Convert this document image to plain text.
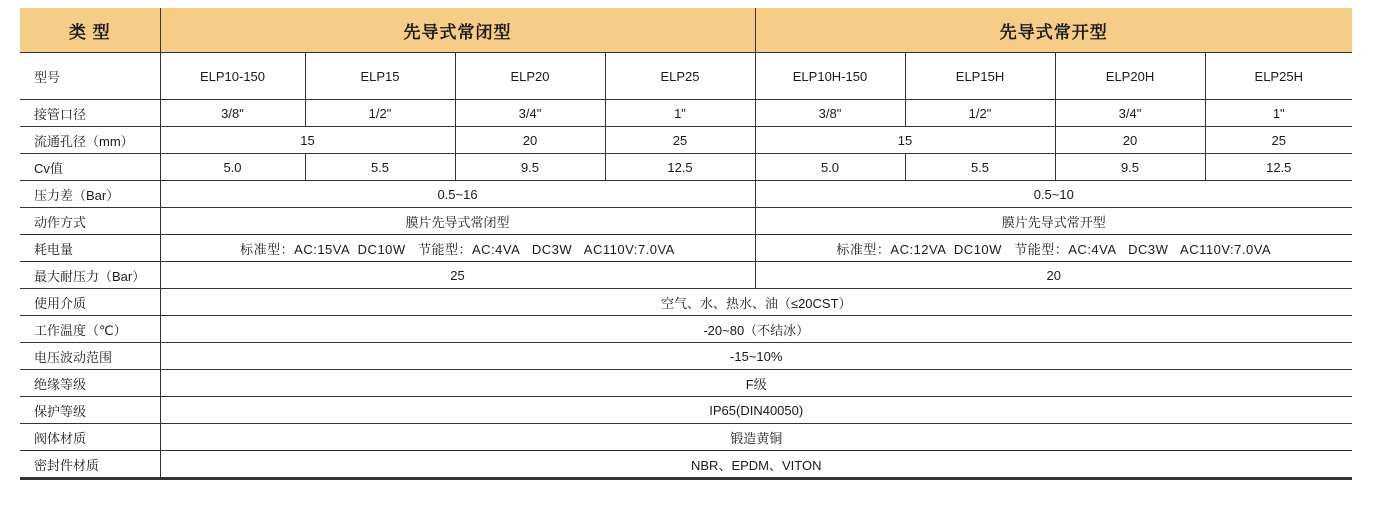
类 型	先导式常闭型				先导式常开型			
型号	ELP10-150	ELP15	ELP20	ELP25	ELP10H-150	ELP15H	ELP20H	ELP25H
接管口径	3/8"	1/2"	3/4"	1"	3/8"	1/2"	3/4"	1"
流通孔径（mm）	15		20	25	15		20	25
Cv值	5.0	5.5	9.5	12.5	5.0	5.5	9.5	12.5
压力差（Bar）	0.5~16				0.5~10			
动作方式	膜片先导式常闭型				膜片先导式常开型			
耗电量	标准型：AC:15VA  DC10W   节能型：AC:4VA   DC3W   AC110V:7.0VA				标准型：AC:12VA  DC10W   节能型：AC:4VA   DC3W   AC110V:7.0VA			
最大耐压力（Bar）	25				20			
使用介质	空气、水、热水、油（≤20CST）							
工作温度（℃）	-20~80（不结冰）							
电压波动范围	-15~10%							
绝缘等级	F级							
保护等级	IP65(DIN40050)							
阀体材质	锻造黄铜							
密封件材质	NBR、EPDM、VITON							
